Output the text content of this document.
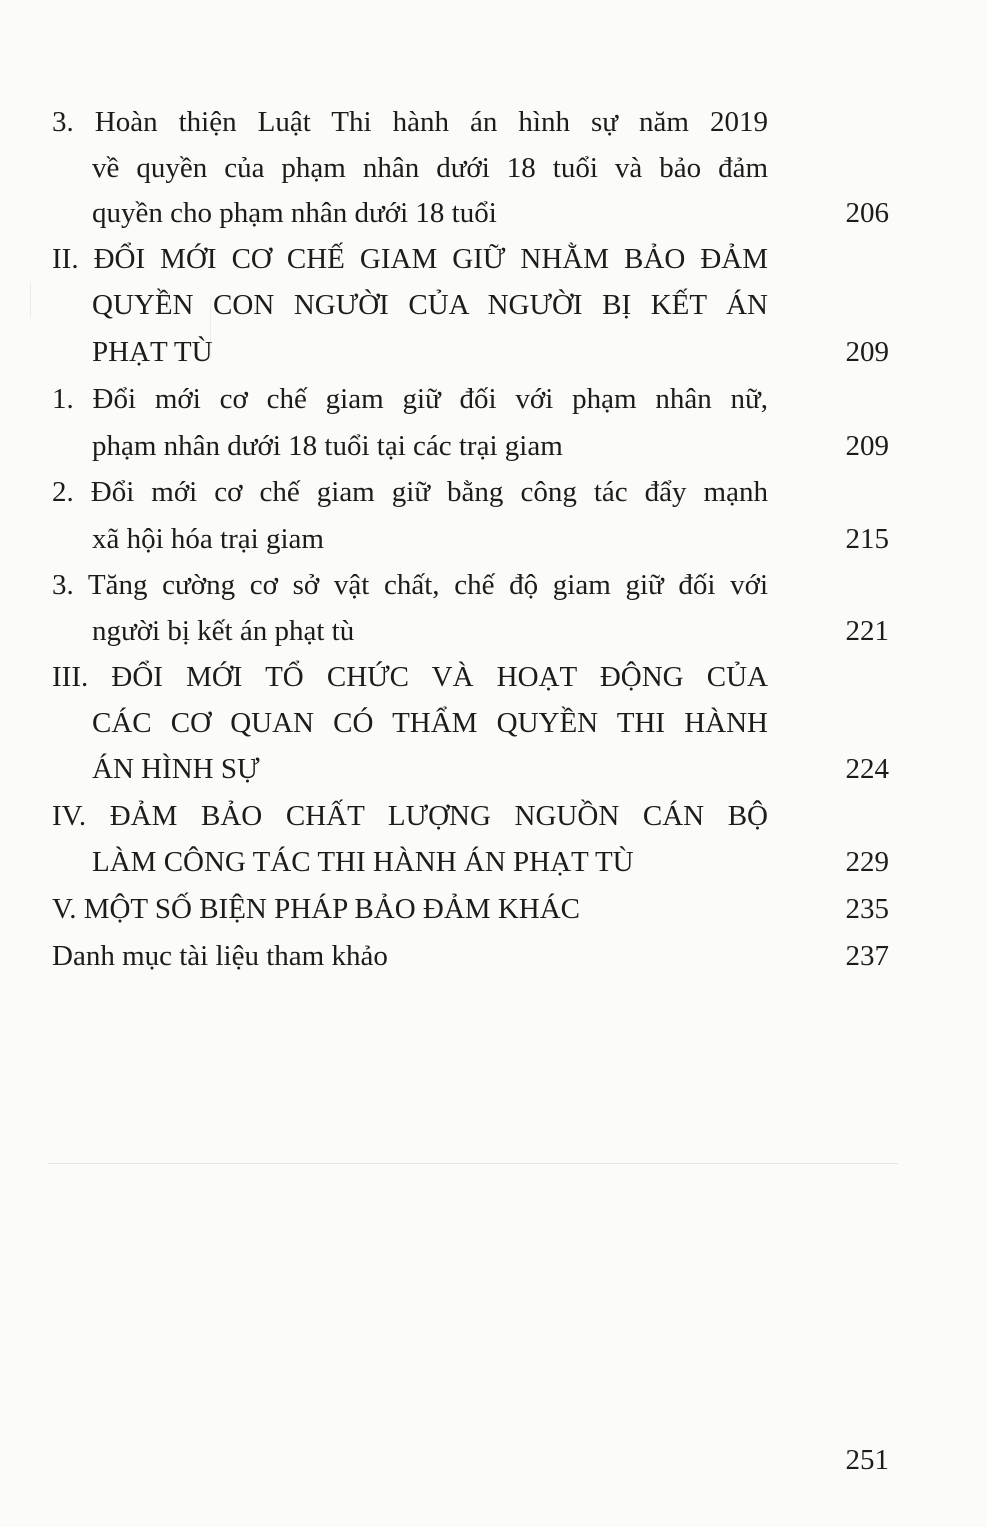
3. Hoàn thiện Luật Thi hành án hình sự năm 2019
về quyền của phạm nhân dưới 18 tuổi và bảo đảm
quyền cho phạm nhân dưới 18 tuổi	206
II. ĐỔI MỚI CƠ CHẾ GIAM GIỮ NHẰM BẢO ĐẢM
QUYỀN CON NGƯỜI CỦA NGƯỜI BỊ KẾT ÁN
PHẠT TÙ	209
1. Đổi mới cơ chế giam giữ đối với phạm nhân nữ,
phạm nhân dưới 18 tuổi tại các trại giam	209
2. Đổi mới cơ chế giam giữ bằng công tác đẩy mạnh
xã hội hóa trại giam	215
3. Tăng cường cơ sở vật chất, chế độ giam giữ đối với
người bị kết án phạt tù	221
III. ĐỔI MỚI TỔ CHỨC VÀ HOẠT ĐỘNG CỦA
CÁC CƠ QUAN CÓ THẨM QUYỀN THI HÀNH
ÁN HÌNH SỰ	224
IV. ĐẢM BẢO CHẤT LƯỢNG NGUỒN CÁN BỘ
LÀM CÔNG TÁC THI HÀNH ÁN PHẠT TÙ	229
V. MỘT SỐ BIỆN PHÁP BẢO ĐẢM KHÁC	235
Danh mục tài liệu tham khảo	237
251
